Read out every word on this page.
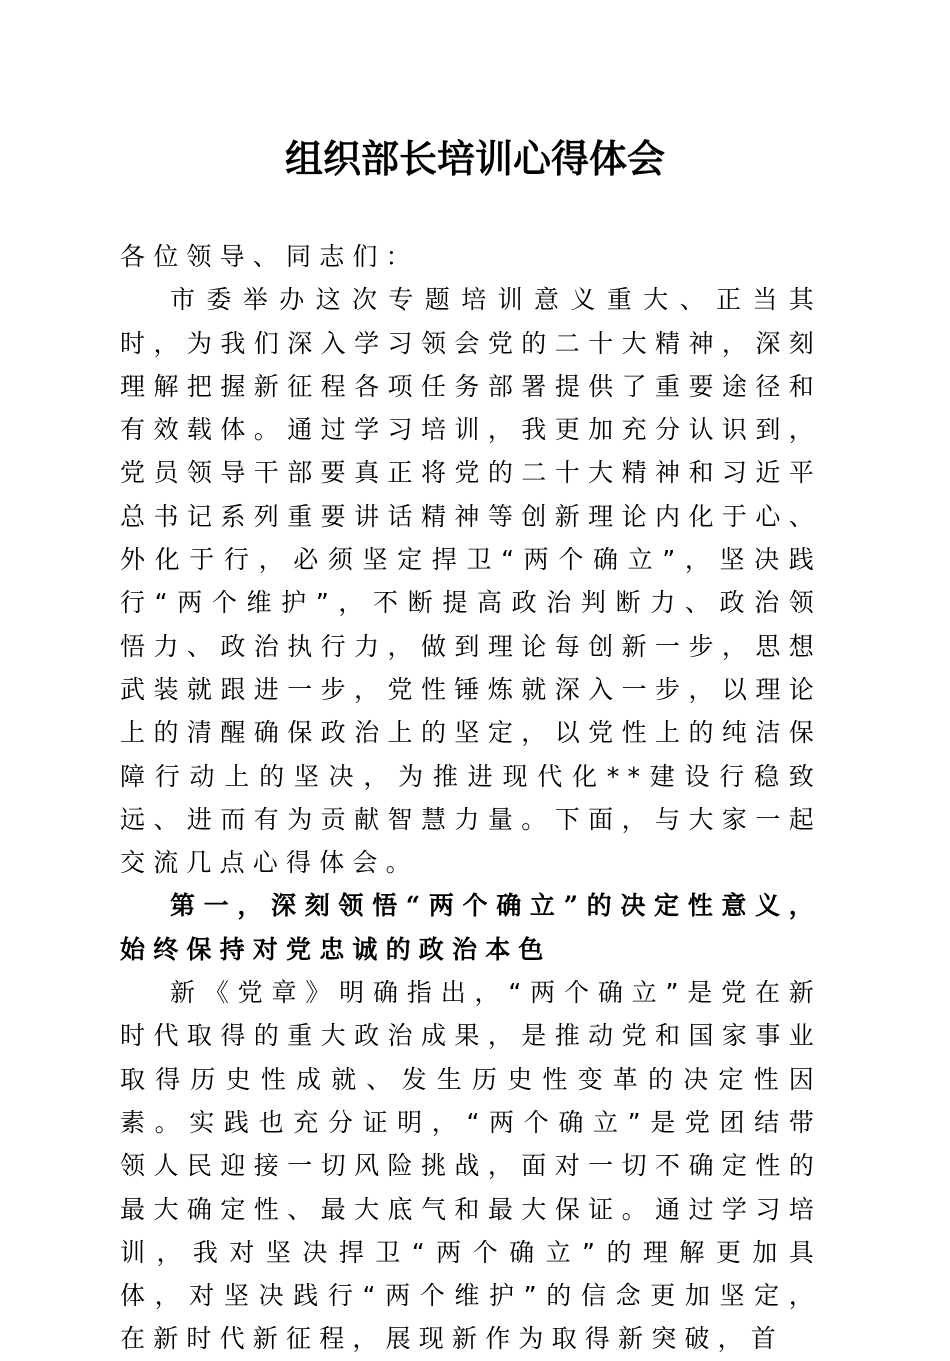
组织部长培训心得体会

各位领导、同志们：

市委举办这次专题培训意义重大、正当其时，为我们深入学习领会党的二十大精神，深刻理解把握新征程各项任务部署提供了重要途径和有效载体。通过学习培训，我更加充分认识到，党员领导干部要真正将党的二十大精神和习近平总书记系列重要讲话精神等创新理论内化于心、外化于行，必须坚定捍卫“两个确立”，坚决践行“两个维护”，不断提高政治判断力、政治领悟力、政治执行力，做到理论每创新一步，思想武装就跟进一步，党性锤炼就深入一步，以理论上的清醒确保政治上的坚定，以党性上的纯洁保障行动上的坚决，为推进现代化**建设行稳致远、进而有为贡献智慧力量。下面，与大家一起交流几点心得体会。

第一，深刻领悟“两个确立”的决定性意义，始终保持对党忠诚的政治本色

新《党章》明确指出，“两个确立”是党在新时代取得的重大政治成果，是推动党和国家事业取得历史性成就、发生历史性变革的决定性因素。实践也充分证明，“两个确立”是党团结带领人民迎接一切风险挑战，面对一切不确定性的最大确定性、最大底气和最大保证。通过学习培训，我对坚决捍卫“两个确立”的理解更加具体，对坚决践行“两个维护”的信念更加坚定，在新时代新征程，展现新作为取得新突破，首
